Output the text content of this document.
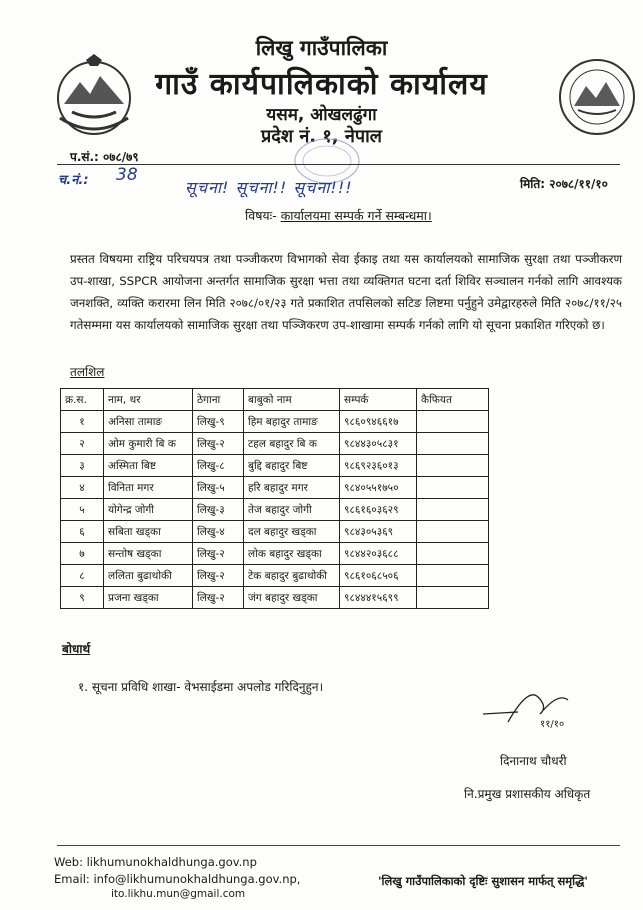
लिखु गाउँपालिका
गाउँ कार्यपालिकाको कार्यालय
यसम, ओखलढुंगा
प्रदेश नं. १, नेपाल
प.सं.: ०७८/७९
च.नं.: 38
सूचना! सूचना!! सूचना!!!	मिति: २०७८/११/१०
विषयः- कार्यालयमा सम्पर्क गर्ने सम्बन्धमा।
प्रस्तत विषयमा राष्ट्रिय परिचयपत्र तथा पञ्जीकरण विभागको सेवा ईकाइ तथा यस कार्यालयको सामाजिक सुरक्षा तथा पञ्जीकरण उप-शाखा, SSPCR आयोजना अन्तर्गत सामाजिक सुरक्षा भत्ता तथा व्यक्तिगत घटना दर्ता शिविर सञ्चालन गर्नको लागि आवश्यक जनशक्ति, व्यक्ति करारमा लिन मिति २०७८/०१/२३ गते प्रकाशित तपसिलको सटिङ लिष्टमा पर्नुहुने उमेद्वारहरुले मिति २०७८/११/२५ गतेसम्ममा यस कार्यालयको सामाजिक सुरक्षा तथा पञ्जिकरण उप-शाखामा सम्पर्क गर्नको लागि यो सूचना प्रकाशित गरिएको छ।
तलशिल
क्र.स.	नाम, थर	ठेगाना	बाबुको नाम	सम्पर्क	कैफियत
१	अनिसा तामाङ	लिखु-९	हिम बहादुर तामाङ	९८६०९४६६१७	
२	ओम कुमारी बि क	लिखु-२	टहल बहादुर बि क	९८४४३०५८३१	
३	अस्मिता बिष्ट	लिखु-८	बुद्दि बहादुर बिष्ट	९८६९२३६०१३	
४	विनिता मगर	लिखु-५	हरि बहादुर मगर	९८४०५५१७५०	
५	योगेन्द्र जोगी	लिखु-३	तेज बहादुर जोगी	९८६१६०३६२९	
६	सबिता खड्का	लिखु-४	दल बहादुर खड्का	९८४३०५३६९	
७	सन्तोष खड्का	लिखु-२	लोक बहादुर खड्का	९८४४२०३६८८	
८	ललिता बुढाथोकी	लिखु-२	टेक बहादुर बुढाथोकी	९८६१०६८५०६	
९	प्रजना खड्का	लिखु-२	जंग बहादुर खड्का	९८४४४१५६९९	
बोधार्थ
१. सूचना प्रविधि शाखा- वेभसाईडमा अपलोड गरिदिनुहुन।
११/१०
दिनानाथ चौधरी
नि.प्रमुख प्रशासकीय अधिकृत
Web: likhumunokhaldhunga.gov.np
Email: info@likhumunokhaldhunga.gov.np,
ito.likhu.mun@gmail.com
'लिखु गाउँपालिकाको दृष्टिः सुशासन मार्फत् समृद्धि'
